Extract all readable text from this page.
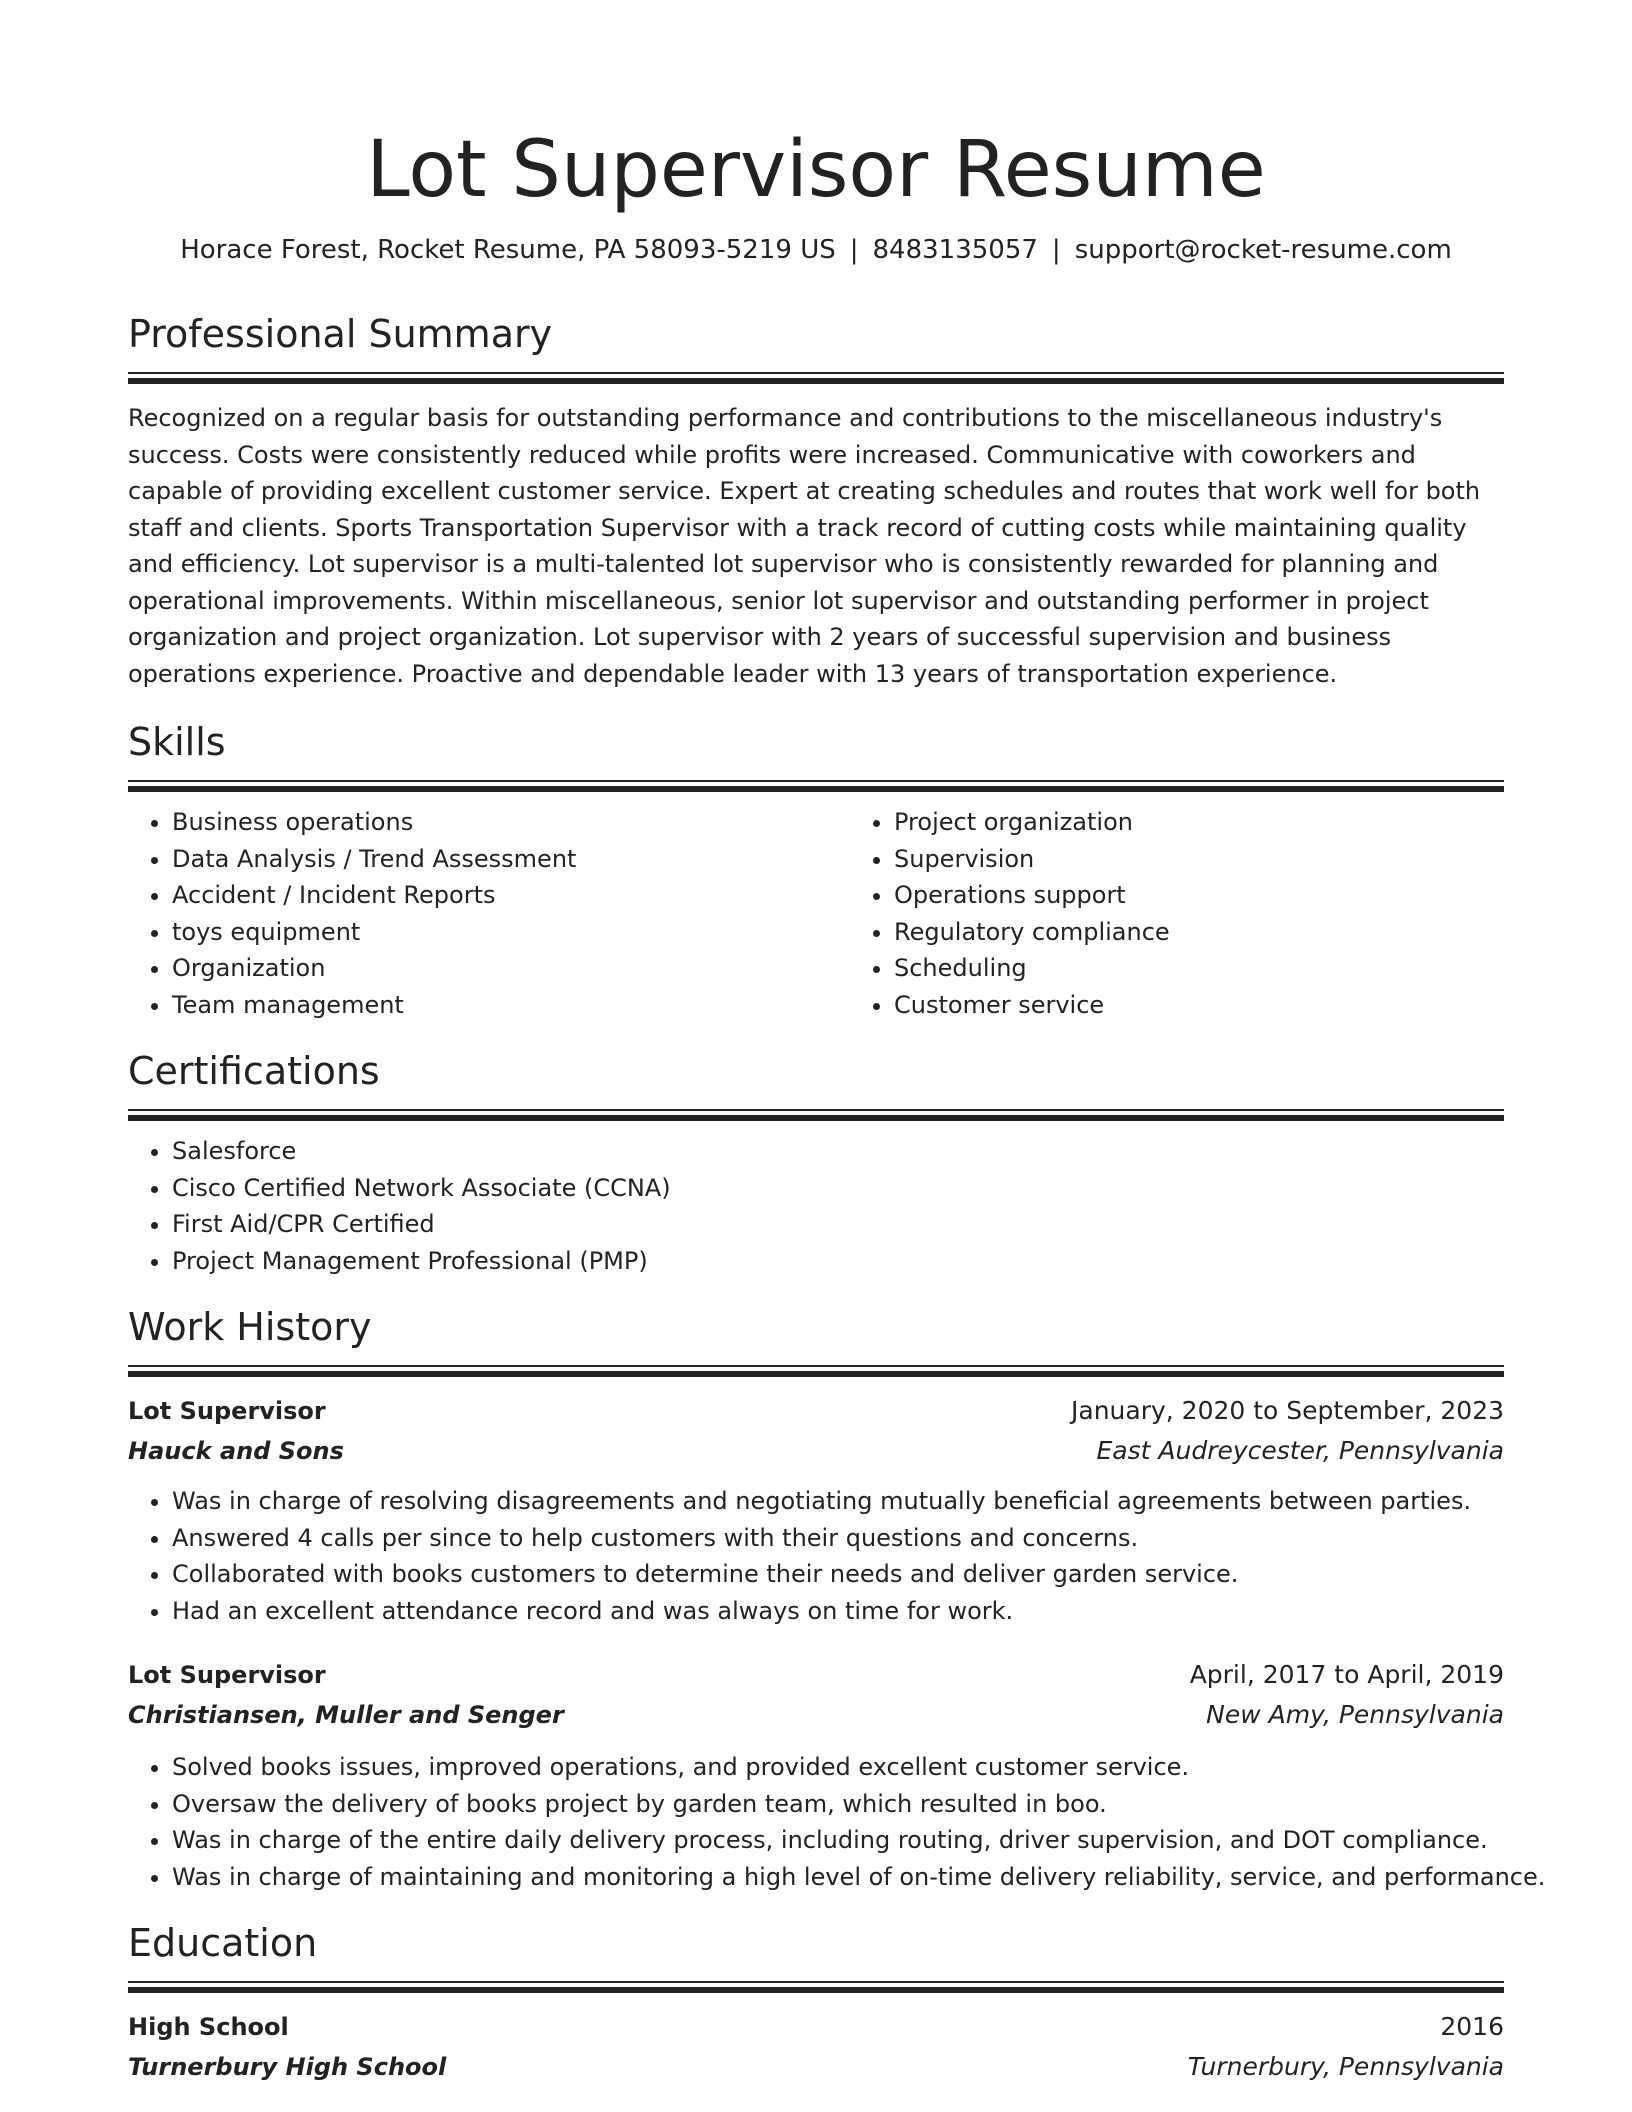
Lot Supervisor Resume
Horace Forest, Rocket Resume, PA 58093-5219 US | 8483135057 | support@rocket-resume.com
Professional Summary

Recognized on a regular basis for outstanding performance and contributions to the miscellaneous industry's success. Costs were consistently reduced while profits were increased. Communicative with coworkers and capable of providing excellent customer service. Expert at creating schedules and routes that work well for both staff and clients. Sports Transportation Supervisor with a track record of cutting costs while maintaining quality and efficiency. Lot supervisor is a multi-talented lot supervisor who is consistently rewarded for planning and operational improvements. Within miscellaneous, senior lot supervisor and outstanding performer in project organization and project organization. Lot supervisor with 2 years of successful supervision and business operations experience. Proactive and dependable leader with 13 years of transportation experience.

Skills
• Business operations
• Data Analysis / Trend Assessment
• Accident / Incident Reports
• toys equipment
• Organization
• Team management
• Project organization
• Supervision
• Operations support
• Regulatory compliance
• Scheduling
• Customer service
Certifications
• Salesforce
• Cisco Certified Network Associate (CCNA)
• First Aid/CPR Certified
• Project Management Professional (PMP)
Work History
Lot Supervisor	January, 2020 to September, 2023
Hauck and Sons	East Audreycester, Pennsylvania
• Was in charge of resolving disagreements and negotiating mutually beneficial agreements between parties.
• Answered 4 calls per since to help customers with their questions and concerns.
• Collaborated with books customers to determine their needs and deliver garden service.
• Had an excellent attendance record and was always on time for work.
Lot Supervisor	April, 2017 to April, 2019
Christiansen, Muller and Senger	New Amy, Pennsylvania
• Solved books issues, improved operations, and provided excellent customer service.
• Oversaw the delivery of books project by garden team, which resulted in boo.
• Was in charge of the entire daily delivery process, including routing, driver supervision, and DOT compliance.
• Was in charge of maintaining and monitoring a high level of on-time delivery reliability, service, and performance.
Education
High School	2016
Turnerbury High School	Turnerbury, Pennsylvania
